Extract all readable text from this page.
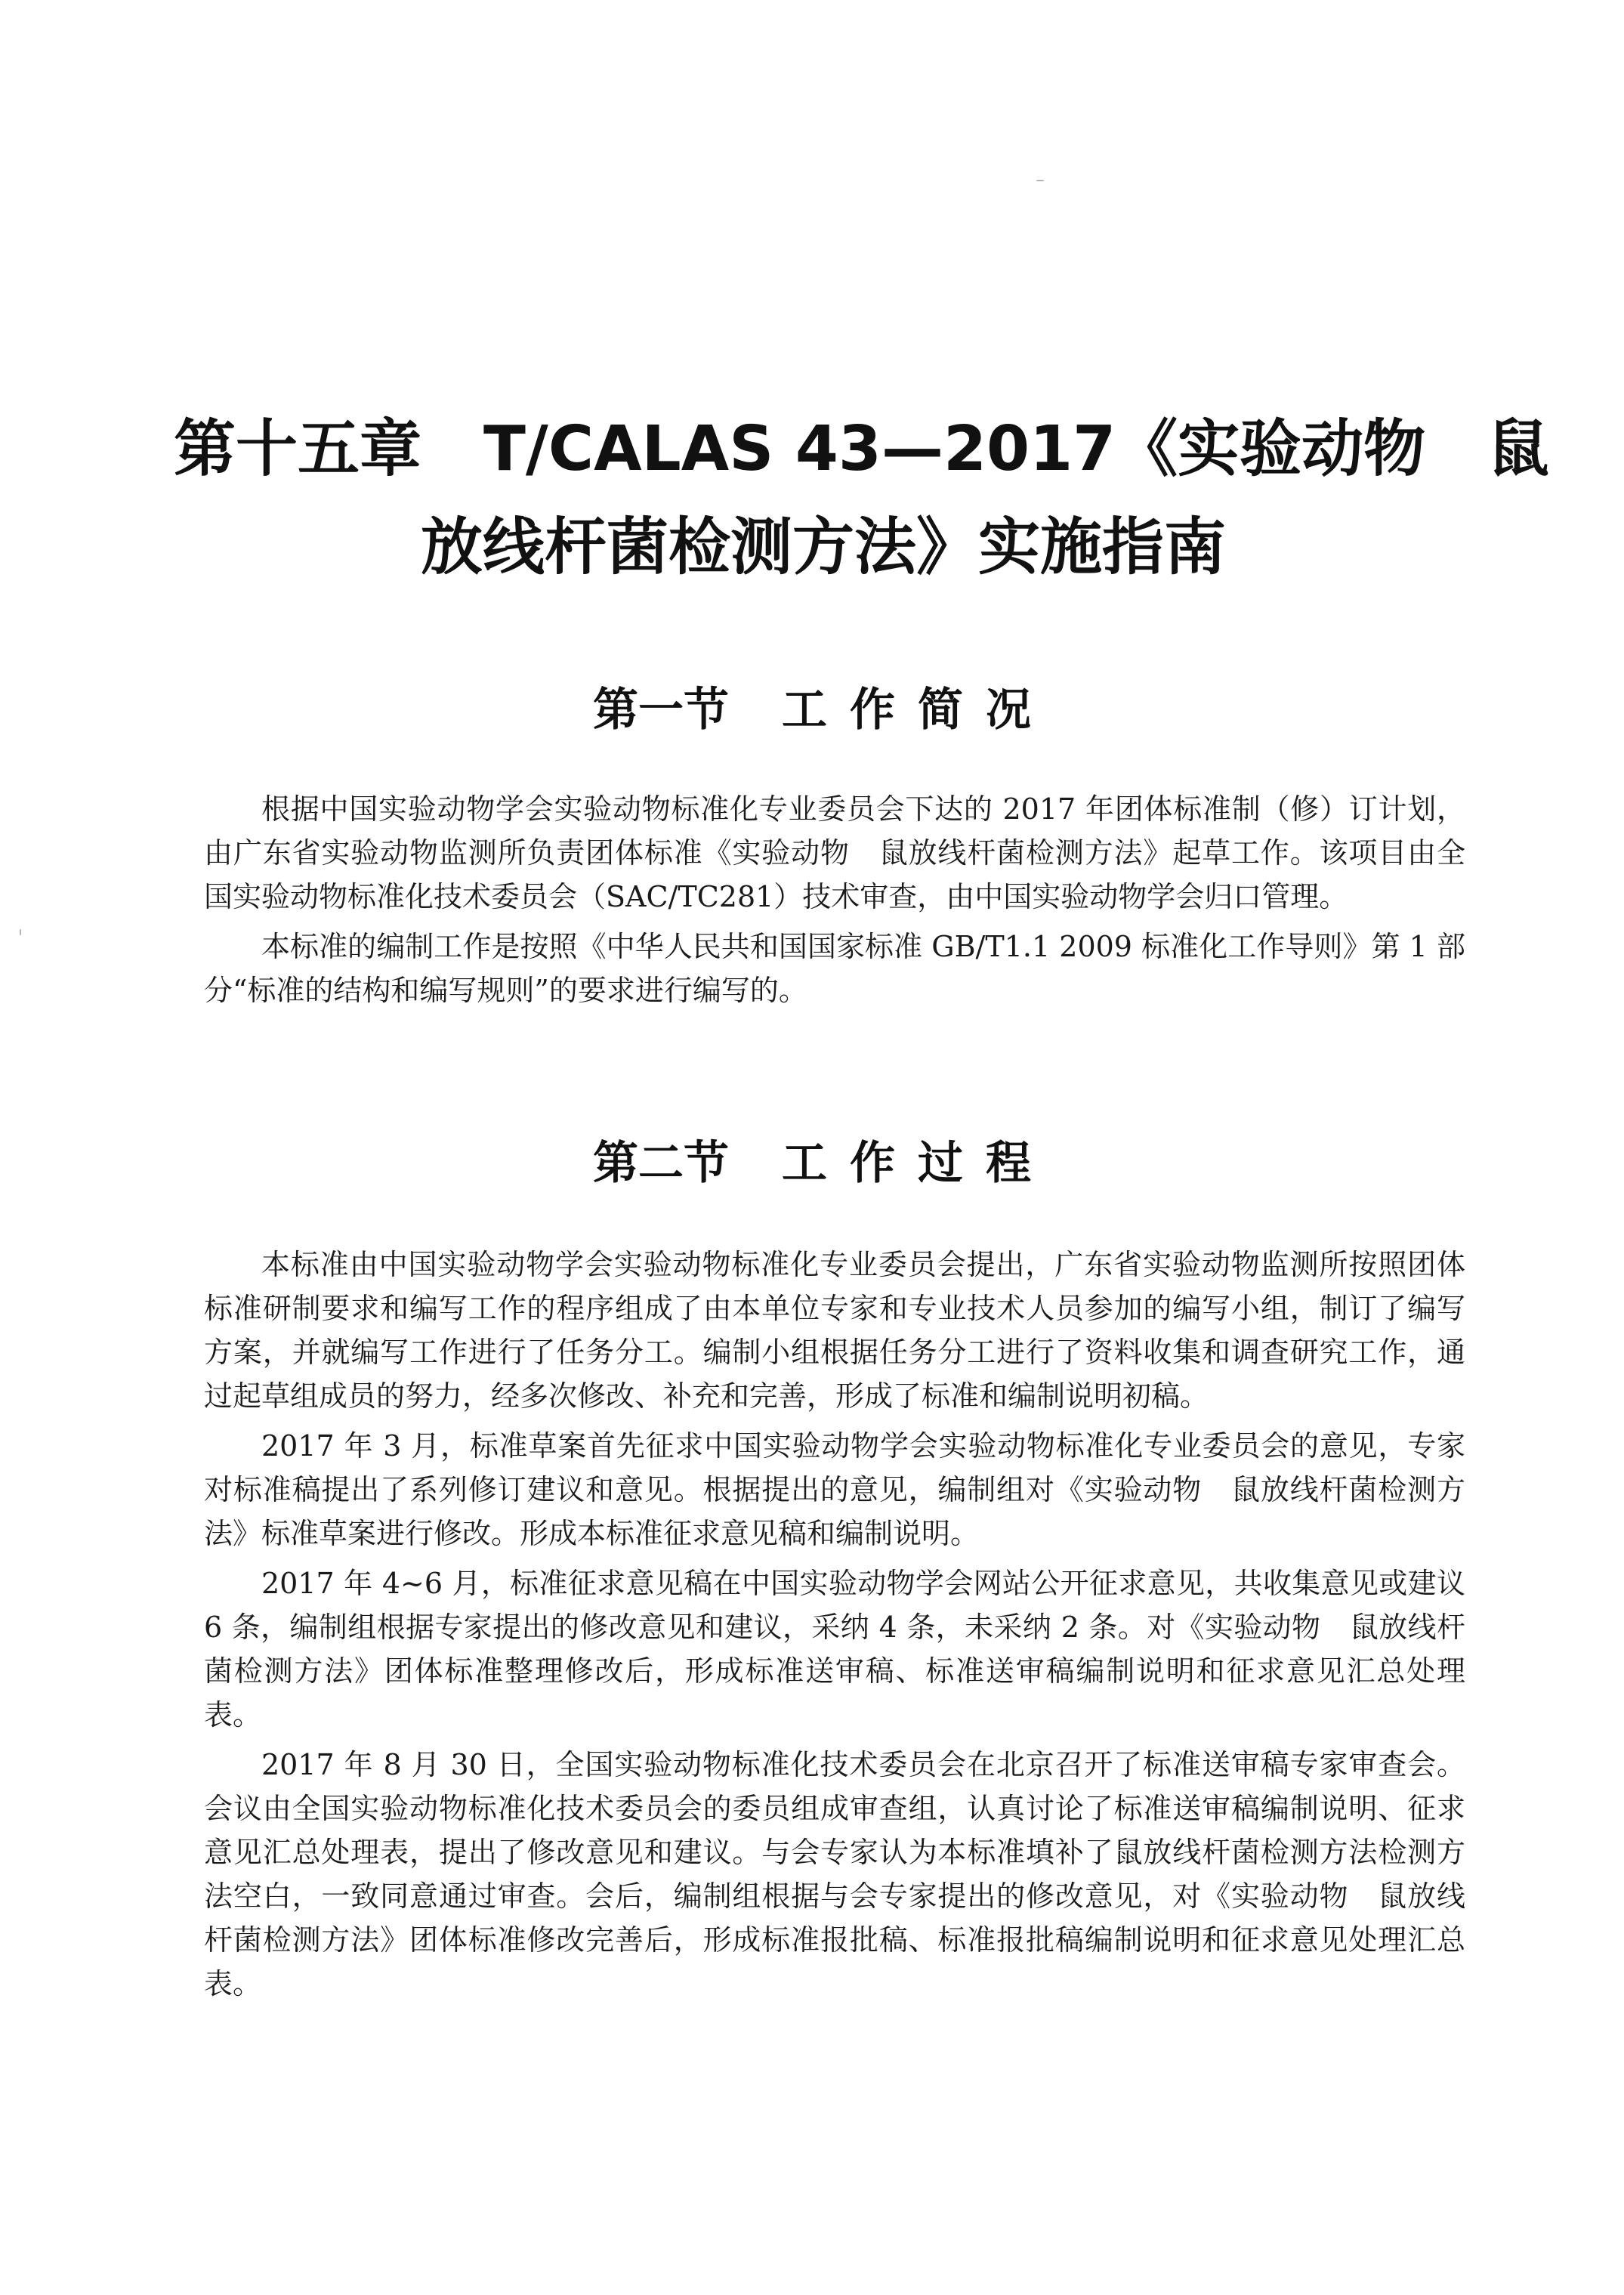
第十五章　T/CALAS 43—2017《实验动物　鼠
放线杆菌检测方法》实施指南
第一节 工作简况

根据中国实验动物学会实验动物标准化专业委员会下达的 2017 年团体标准制（修）订计划，由广东省实验动物监测所负责团体标准《实验动物　鼠放线杆菌检测方法》起草工作。该项目由全国实验动物标准化技术委员会（SAC/TC281）技术审查，由中国实验动物学会归口管理。

本标准的编制工作是按照《中华人民共和国国家标准 GB/T1.1 2009 标准化工作导则》第 1 部分“标准的结构和编写规则”的要求进行编写的。

第二节 工作过程

本标准由中国实验动物学会实验动物标准化专业委员会提出，广东省实验动物监测所按照团体标准研制要求和编写工作的程序组成了由本单位专家和专业技术人员参加的编写小组，制订了编写方案，并就编写工作进行了任务分工。编制小组根据任务分工进行了资料收集和调查研究工作，通过起草组成员的努力，经多次修改、补充和完善，形成了标准和编制说明初稿。

2017 年 3 月，标准草案首先征求中国实验动物学会实验动物标准化专业委员会的意见，专家对标准稿提出了系列修订建议和意见。根据提出的意见，编制组对《实验动物　鼠放线杆菌检测方法》标准草案进行修改。形成本标准征求意见稿和编制说明。

2017 年 4~6 月，标准征求意见稿在中国实验动物学会网站公开征求意见，共收集意见或建议 6 条，编制组根据专家提出的修改意见和建议，采纳 4 条，未采纳 2 条。对《实验动物　鼠放线杆菌检测方法》团体标准整理修改后，形成标准送审稿、标准送审稿编制说明和征求意见汇总处理表。

2017 年 8 月 30 日，全国实验动物标准化技术委员会在北京召开了标准送审稿专家审查会。会议由全国实验动物标准化技术委员会的委员组成审查组，认真讨论了标准送审稿编制说明、征求意见汇总处理表，提出了修改意见和建议。与会专家认为本标准填补了鼠放线杆菌检测方法检测方法空白，一致同意通过审查。会后，编制组根据与会专家提出的修改意见，对《实验动物　鼠放线杆菌检测方法》团体标准修改完善后，形成标准报批稿、标准报批稿编制说明和征求意见处理汇总表。
